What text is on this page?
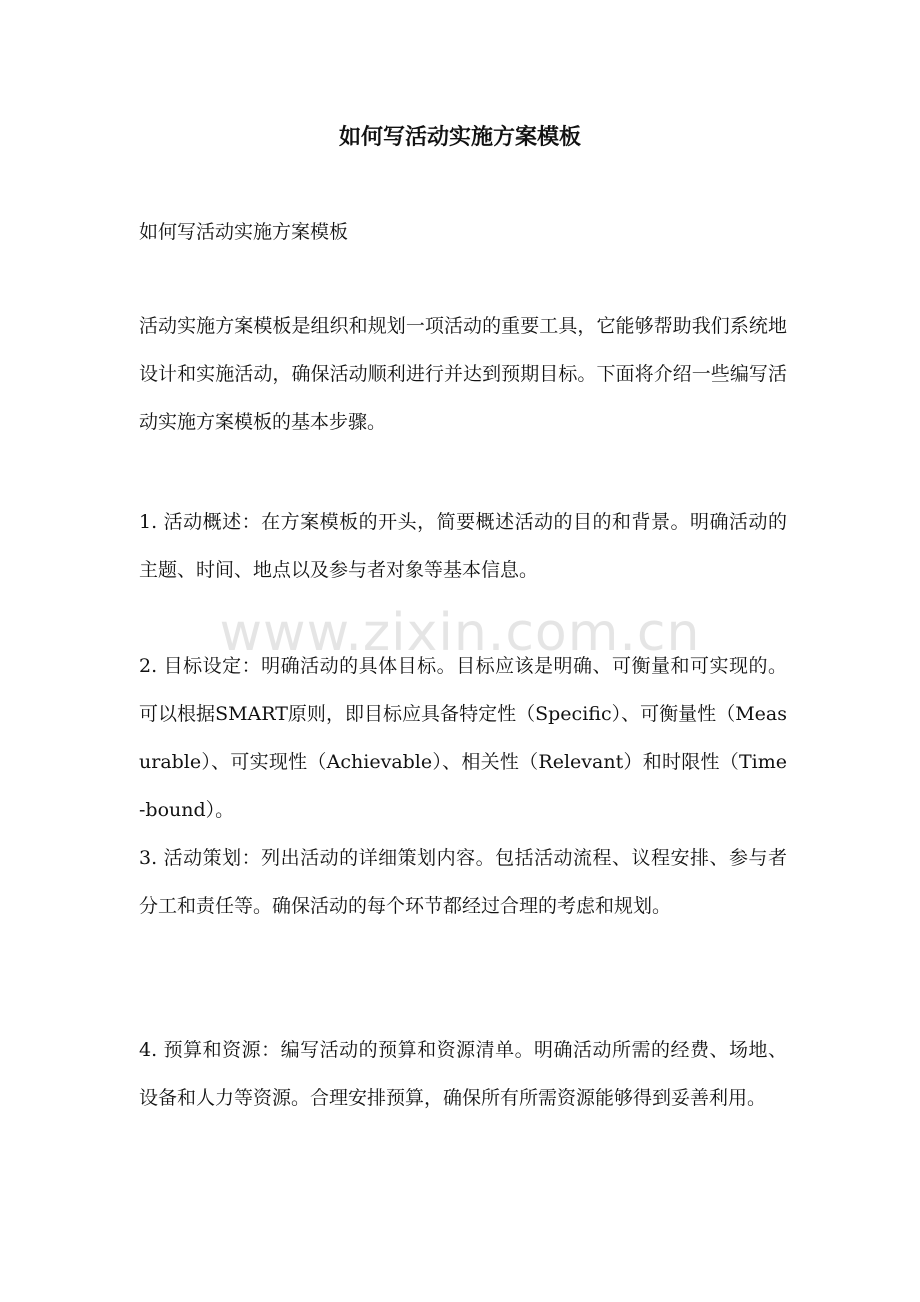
如何写活动实施方案模板

如何写活动实施方案模板

活动实施方案模板是组织和规划一项活动的重要工具，它能够帮助我们系统地设计和实施活动，确保活动顺利进行并达到预期目标。下面将介绍一些编写活动实施方案模板的基本步骤。

1. 活动概述：在方案模板的开头，简要概述活动的目的和背景。明确活动的主题、时间、地点以及参与者对象等基本信息。

2. 目标设定：明确活动的具体目标。目标应该是明确、可衡量和可实现的。可以根据SMART原则，即目标应具备特定性（Specific）、可衡量性（Measurable）、可实现性（Achievable）、相关性（Relevant）和时限性（Time-bound）。

3. 活动策划：列出活动的详细策划内容。包括活动流程、议程安排、参与者分工和责任等。确保活动的每个环节都经过合理的考虑和规划。

4. 预算和资源：编写活动的预算和资源清单。明确活动所需的经费、场地、设备和人力等资源。合理安排预算，确保所有所需资源能够得到妥善利用。

www.zixin.com.cn
